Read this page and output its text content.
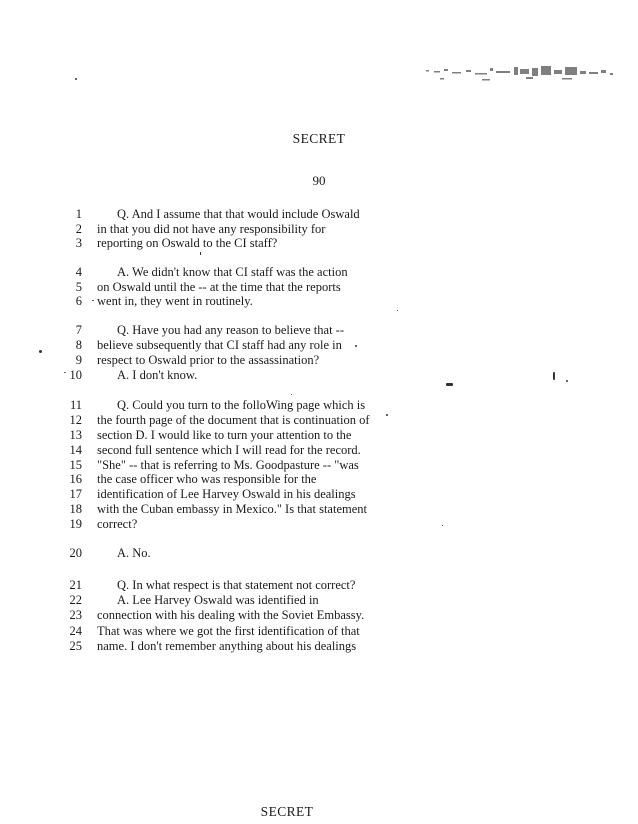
SECRET
90
1	Q. And I assume that that would include Oswald
2 in that you did not have any responsibility for
3 reporting on Oswald to the CI staff?
4	A. We didn't know that CI staff was the action
5 on Oswald until the -- at the time that the reports
6 went in, they went in routinely.
7	Q. Have you had any reason to believe that --
8 believe subsequently that CI staff had any role in
9 respect to Oswald prior to the assassination?
10	A. I don't know.
11	Q. Could you turn to the folloWing page which is
12 the fourth page of the document that is continuation of
13 section D. I would like to turn your attention to the
14 second full sentence which I will read for the record.
15 "She" -- that is referring to Ms. Goodpasture -- "was
16 the case officer who was responsible for the
17 identification of Lee Harvey Oswald in his dealings
18 with the Cuban embassy in Mexico." Is that statement
19 correct?
20	A. No.
21	Q. In what respect is that statement not correct?
22	A. Lee Harvey Oswald was identified in
23 connection with his dealing with the Soviet Embassy.
24 That was where we got the first identification of that
25 name. I don't remember anything about his dealings
SECRET
